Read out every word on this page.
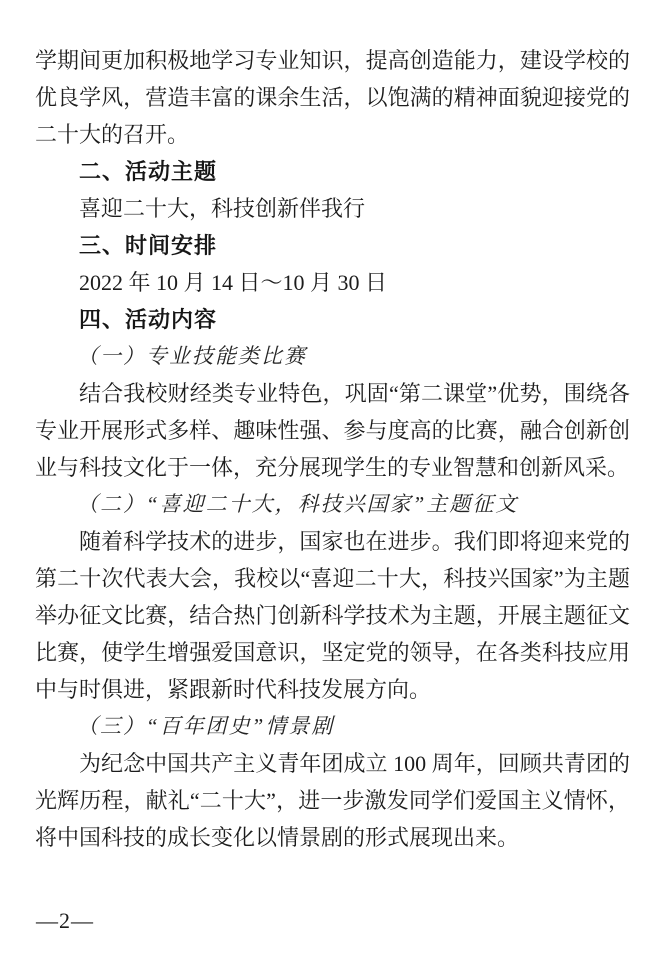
学期间更加积极地学习专业知识，提高创造能力，建设学校的优良学风，营造丰富的课余生活，以饱满的精神面貌迎接党的二十大的召开。

二、活动主题

喜迎二十大，科技创新伴我行

三、时间安排

2022 年 10 月 14 日～10 月 30 日

四、活动内容
（一）专业技能类比赛

结合我校财经类专业特色，巩固“第二课堂”优势，围绕各专业开展形式多样、趣味性强、参与度高的比赛，融合创新创业与科技文化于一体，充分展现学生的专业智慧和创新风采。

（二）“喜迎二十大，科技兴国家”主题征文

随着科学技术的进步，国家也在进步。我们即将迎来党的第二十次代表大会，我校以“喜迎二十大，科技兴国家”为主题举办征文比赛，结合热门创新科学技术为主题，开展主题征文比赛，使学生增强爱国意识，坚定党的领导，在各类科技应用中与时俱进，紧跟新时代科技发展方向。

（三）“百年团史”情景剧

为纪念中国共产主义青年团成立 100 周年，回顾共青团的光辉历程，献礼“二十大”，进一步激发同学们爱国主义情怀，将中国科技的成长变化以情景剧的形式展现出来。

—2—
